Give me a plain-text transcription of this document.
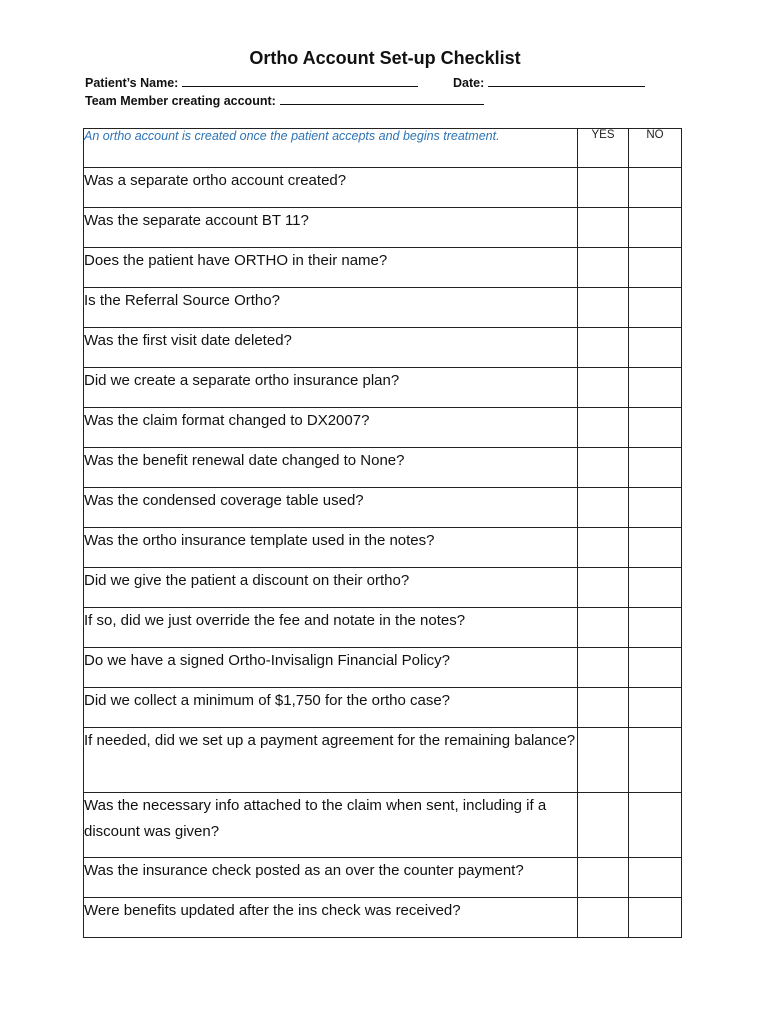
Ortho Account Set-up Checklist
Patient’s Name:	Date:
Team Member creating account:
An ortho account is created once the patient accepts and begins treatment.	YES	NO
Was a separate ortho account created?		
Was the separate account BT 11?		
Does the patient have ORTHO in their name?		
Is the Referral Source Ortho?		
Was the first visit date deleted?		
Did we create a separate ortho insurance plan?		
Was the claim format changed to DX2007?		
Was the benefit renewal date changed to None?		
Was the condensed coverage table used?		
Was the ortho insurance template used in the notes?		
Did we give the patient a discount on their ortho?		
If so, did we just override the fee and notate in the notes?		
Do we have a signed Ortho-Invisalign Financial Policy?		
Did we collect a minimum of $1,750 for the ortho case?		
If needed, did we set up a payment agreement for the remaining balance?		
Was the necessary info attached to the claim when sent, including if a discount was given?		
Was the insurance check posted as an over the counter payment?		
Were benefits updated after the ins check was received?		
